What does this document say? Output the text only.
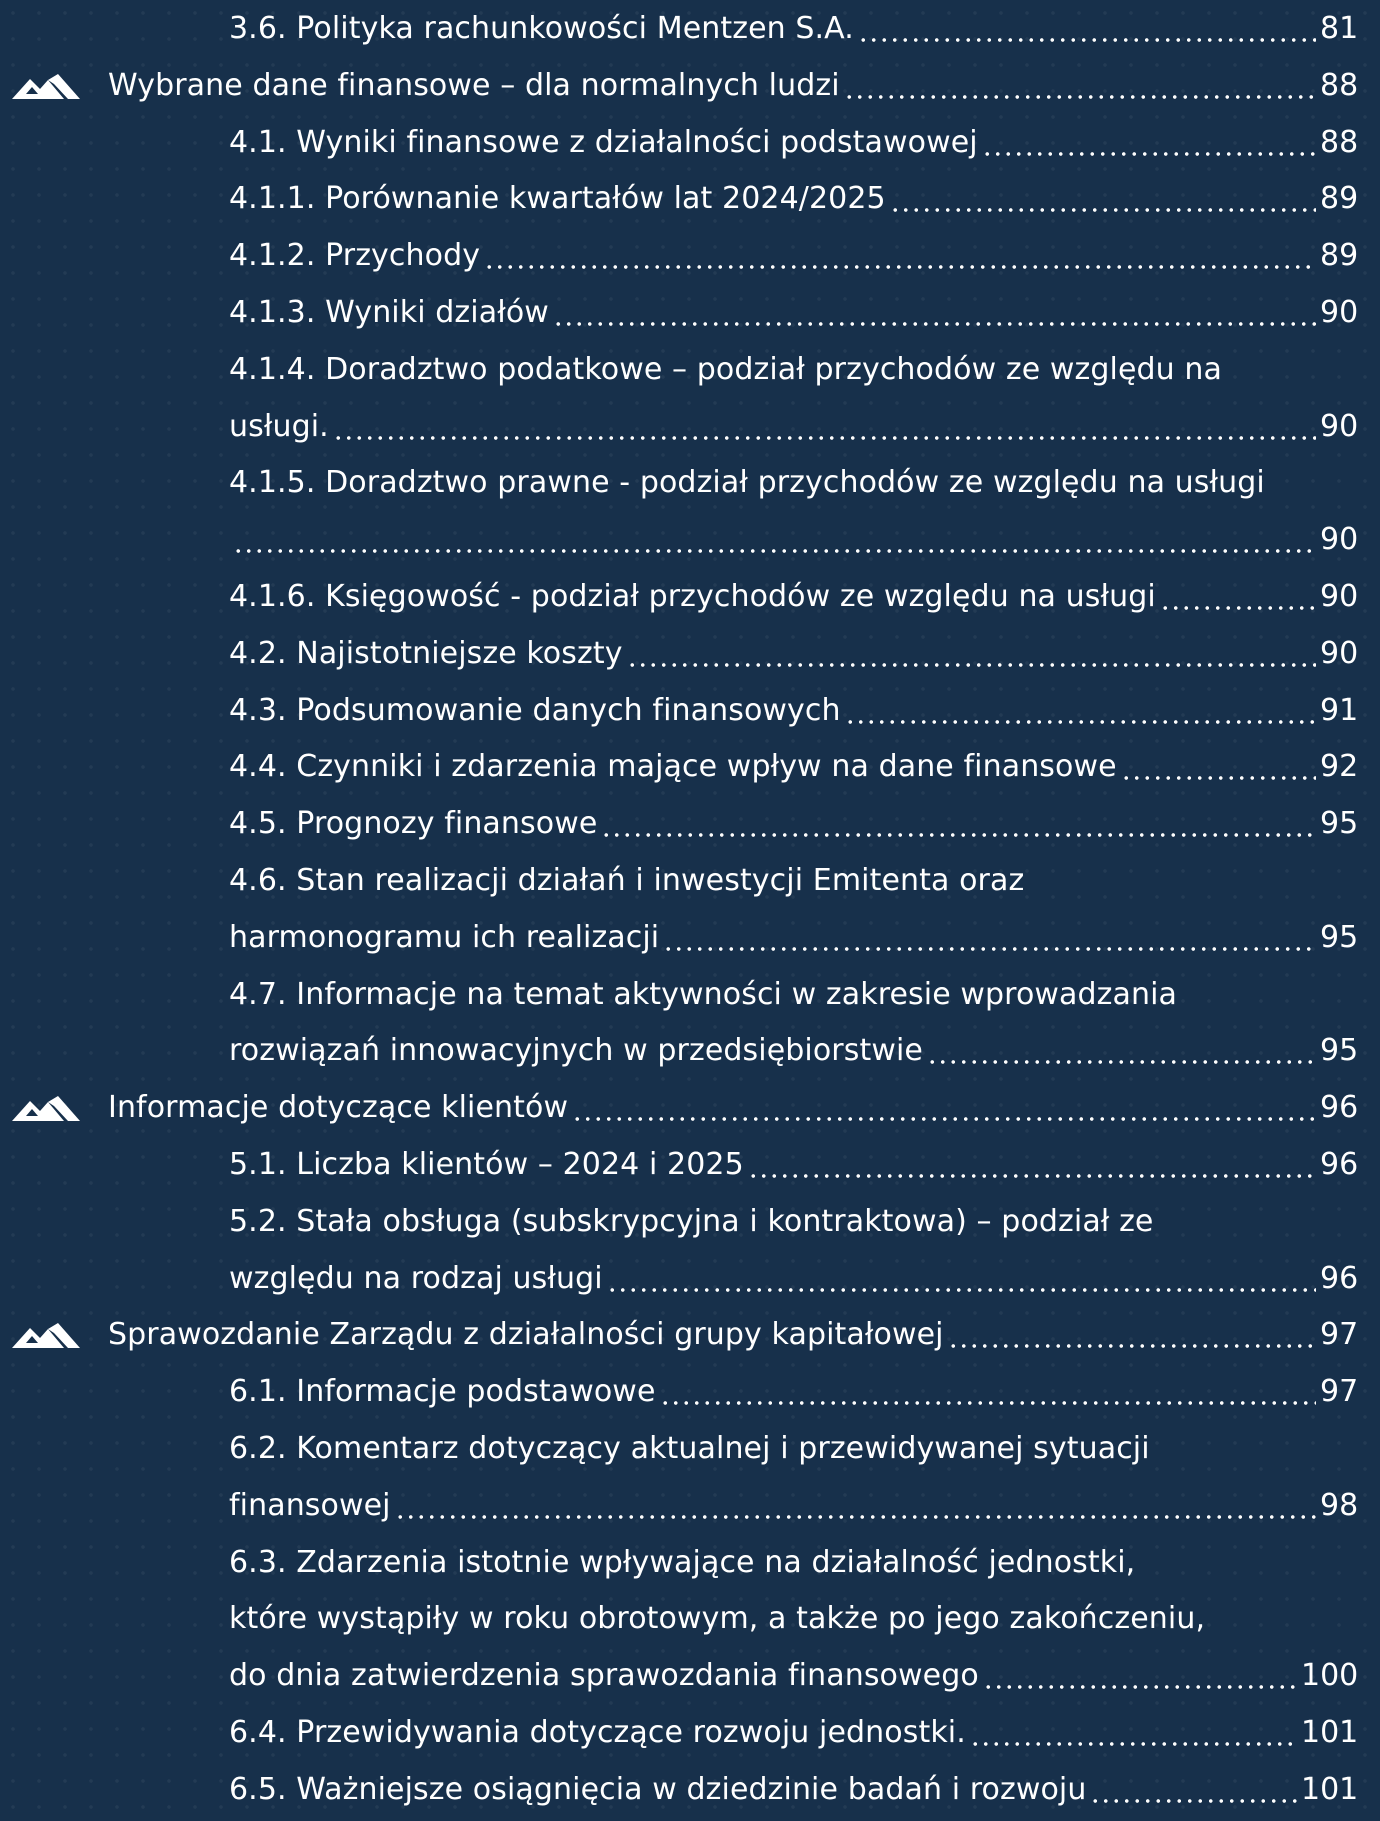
3.6. Polityka rachunkowości Mentzen S.A.	81
Wybrane dane finansowe – dla normalnych ludzi	88
4.1. Wyniki finansowe z działalności podstawowej	88
4.1.1. Porównanie kwartałów lat 2024/2025	89
4.1.2. Przychody	89
4.1.3. Wyniki działów	90
4.1.4. Doradztwo podatkowe – podział przychodów ze względu na
usługi.	90
4.1.5. Doradztwo prawne - podział przychodów ze względu na usługi
90
4.1.6. Księgowość - podział przychodów ze względu na usługi	90
4.2. Najistotniejsze koszty	90
4.3. Podsumowanie danych finansowych	91
4.4. Czynniki i zdarzenia mające wpływ na dane finansowe	92
4.5. Prognozy finansowe	95
4.6. Stan realizacji działań i inwestycji Emitenta oraz
harmonogramu ich realizacji	95
4.7. Informacje na temat aktywności w zakresie wprowadzania
rozwiązań innowacyjnych w przedsiębiorstwie	95
Informacje dotyczące klientów	96
5.1. Liczba klientów – 2024 i 2025	96
5.2. Stała obsługa (subskrypcyjna i kontraktowa) – podział ze
względu na rodzaj usługi	96
Sprawozdanie Zarządu z działalności grupy kapitałowej	97
6.1. Informacje podstawowe	97
6.2. Komentarz dotyczący aktualnej i przewidywanej sytuacji
finansowej	98
6.3. Zdarzenia istotnie wpływające na działalność jednostki,
które wystąpiły w roku obrotowym, a także po jego zakończeniu,
do dnia zatwierdzenia sprawozdania finansowego	100
6.4. Przewidywania dotyczące rozwoju jednostki.	101
6.5. Ważniejsze osiągnięcia w dziedzinie badań i rozwoju	101
